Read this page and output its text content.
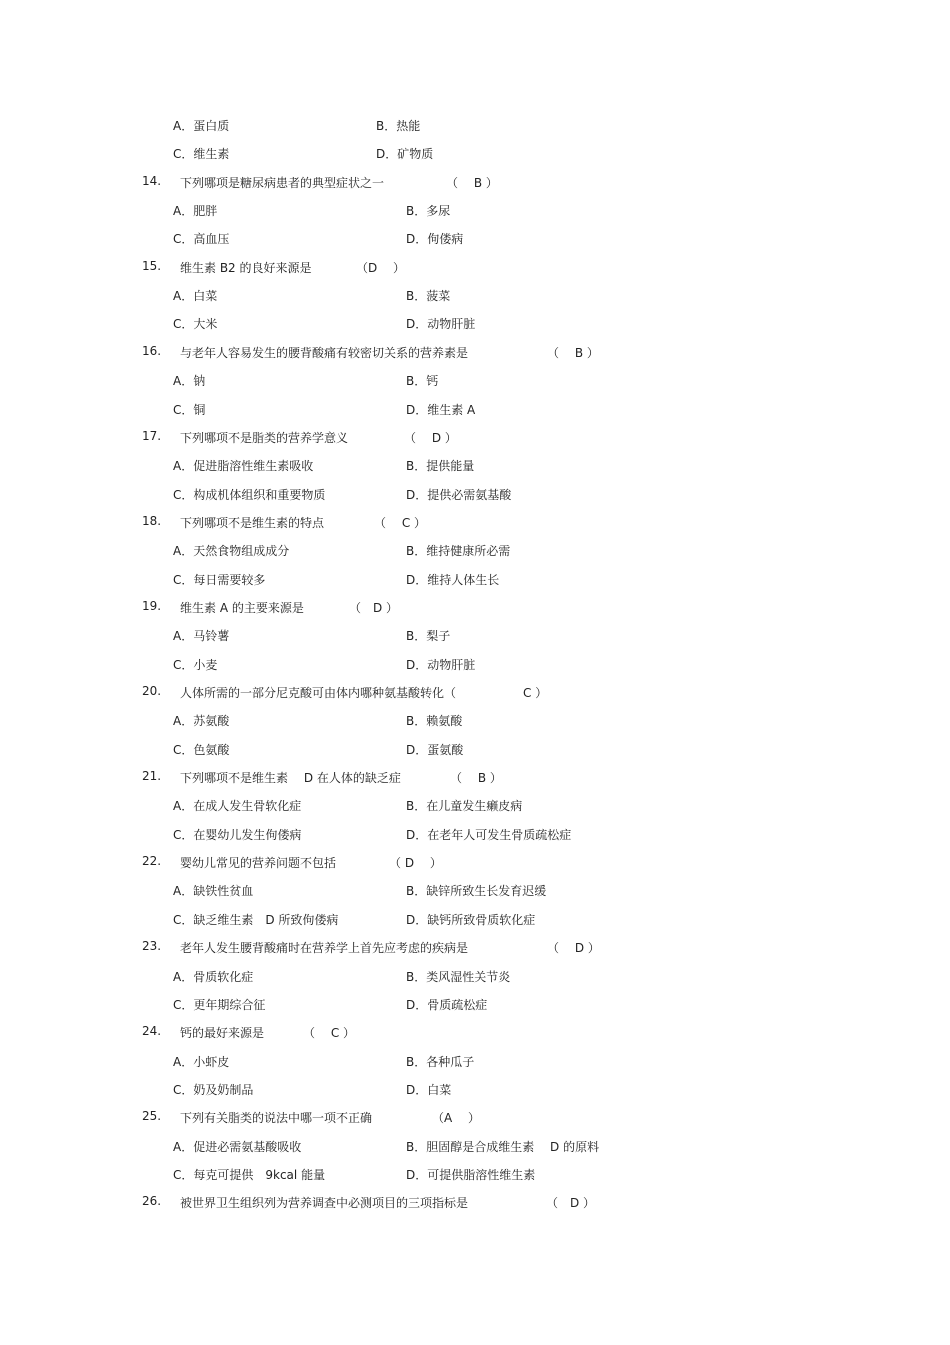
A．蛋白质	B．热能
C．维生素	D．矿物质
14. 下列哪项是糖尿病患者的典型症状之一	（　 B ）
A．肥胖	B．多尿
C．高血压	D．佝偻病
15. 维生素 B2 的良好来源是	（D　 ）
A．白菜	B．菠菜
C．大米	D．动物肝脏
16. 与老年人容易发生的腰背酸痛有较密切关系的营养素是	（　 B ）
A．钠	B．钙
C．铜	D．维生素 A
17. 下列哪项不是脂类的营养学意义	（　 D ）
A．促进脂溶性维生素吸收	B．提供能量
C．构成机体组织和重要物质	D．提供必需氨基酸
18. 下列哪项不是维生素的特点	（　 C ）
A．天然食物组成成分	B．维持健康所必需
C．每日需要较多	D．维持人体生长
19. 维生素 A 的主要来源是	（　D ）
A．马铃薯	B．梨子
C．小麦	D．动物肝脏
20. 人体所需的一部分尼克酸可由体内哪种氨基酸转化（	C ）
A．苏氨酸	B．赖氨酸
C．色氨酸	D．蛋氨酸
21. 下列哪项不是维生素　 D 在人体的缺乏症	（　 B ）
A．在成人发生骨软化症	B．在儿童发生癞皮病
C．在婴幼儿发生佝偻病	D．在老年人可发生骨质疏松症
22. 婴幼儿常见的营养问题不包括	（ D　 ）
A．缺铁性贫血	B．缺锌所致生长发育迟缓
C．缺乏维生素　D 所致佝偻病	D．缺钙所致骨质软化症
23. 老年人发生腰背酸痛时在营养学上首先应考虑的疾病是	（　 D ）
A．骨质软化症	B．类风湿性关节炎
C．更年期综合征	D．骨质疏松症
24. 钙的最好来源是	（　 C ）
A．小虾皮	B．各种瓜子
C．奶及奶制品	D．白菜
25. 下列有关脂类的说法中哪一项不正确	（A　 ）
A．促进必需氨基酸吸收	B．胆固醇是合成维生素　 D 的原料
C．每克可提供　9kcal 能量	D．可提供脂溶性维生素
26. 被世界卫生组织列为营养调查中必测项目的三项指标是	（　D ）
